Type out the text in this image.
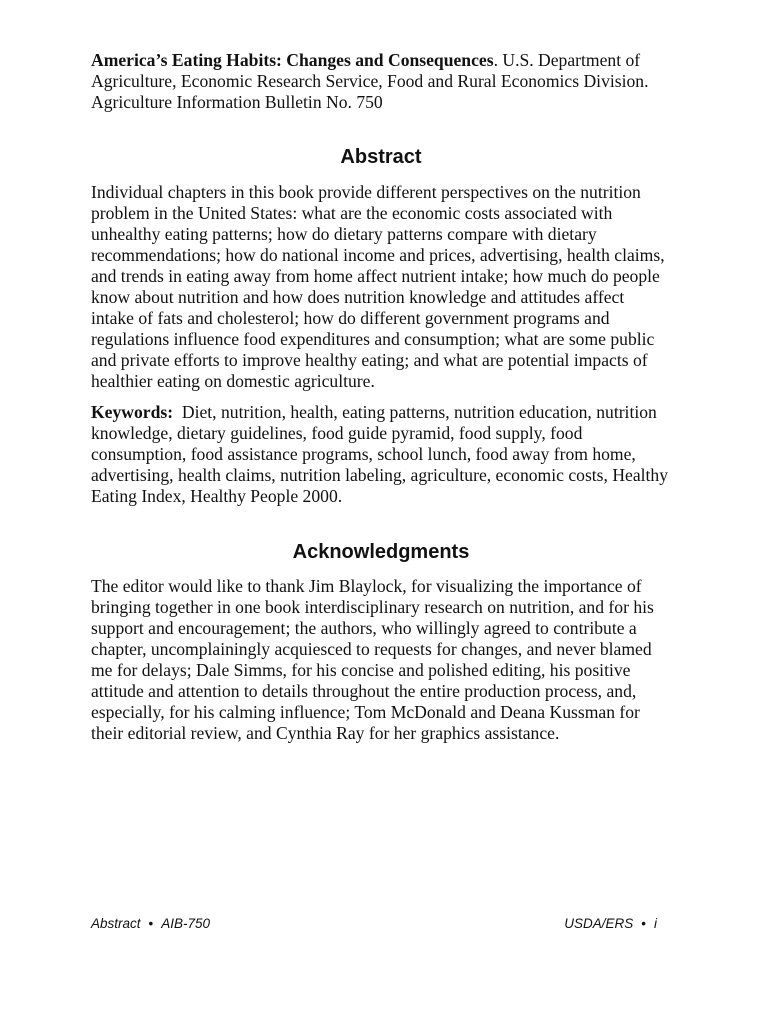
America’s Eating Habits: Changes and Consequences. U.S. Department of Agriculture, Economic Research Service, Food and Rural Economics Division. Agriculture Information Bulletin No. 750

Abstract

Individual chapters in this book provide different perspectives on the nutrition problem in the United States: what are the economic costs associated with unhealthy eating patterns; how do dietary patterns compare with dietary recommendations; how do national income and prices, advertising, health claims, and trends in eating away from home affect nutrient intake; how much do people know about nutrition and how does nutrition knowledge and attitudes affect intake of fats and cholesterol; how do different government programs and regulations influence food expenditures and consumption; what are some public and private efforts to improve healthy eating; and what are potential impacts of healthier eating on domestic agriculture.

Keywords: Diet, nutrition, health, eating patterns, nutrition education, nutrition knowledge, dietary guidelines, food guide pyramid, food supply, food consumption, food assistance programs, school lunch, food away from home, advertising, health claims, nutrition labeling, agriculture, economic costs, Healthy Eating Index, Healthy People 2000.

Acknowledgments

The editor would like to thank Jim Blaylock, for visualizing the importance of bringing together in one book interdisciplinary research on nutrition, and for his support and encouragement; the authors, who willingly agreed to contribute a chapter, uncomplainingly acquiesced to requests for changes, and never blamed me for delays; Dale Simms, for his concise and polished editing, his positive attitude and attention to details throughout the entire production process, and, especially, for his calming influence; Tom McDonald and Deana Kussman for their editorial review, and Cynthia Ray for her graphics assistance.

Abstract • AIB-750	USDA/ERS • i
